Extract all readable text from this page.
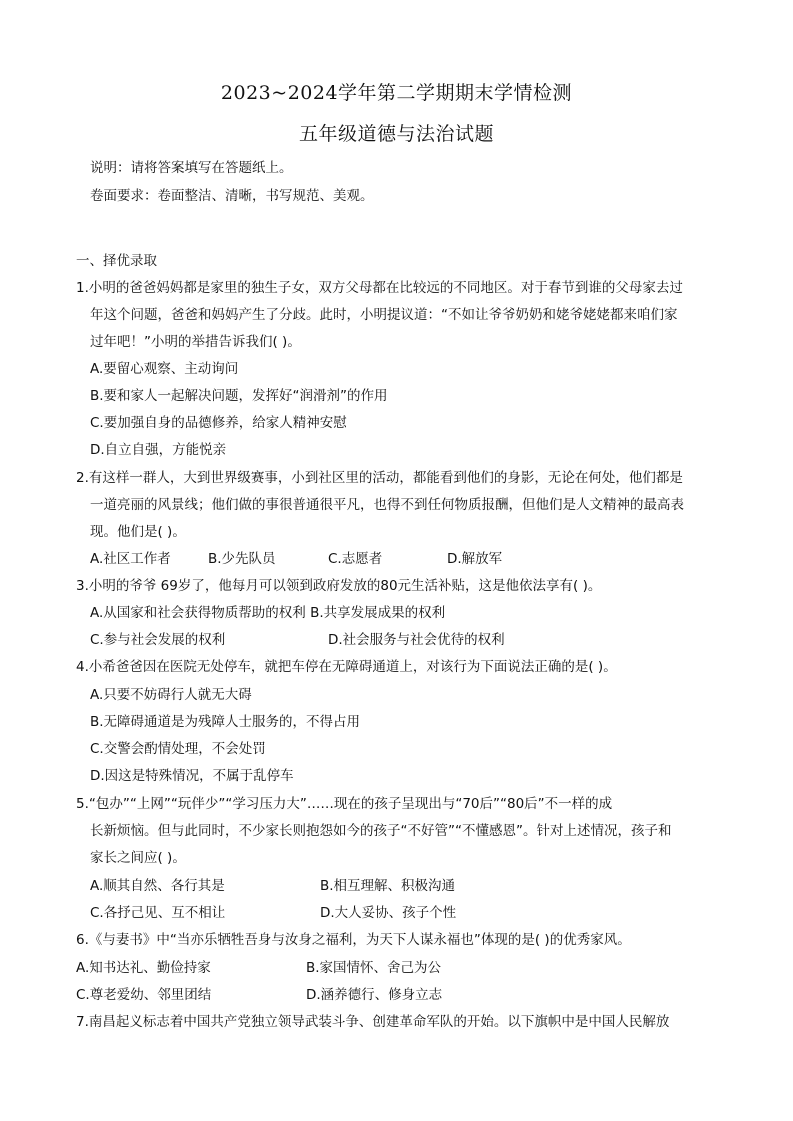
2023~2024学年第二学期期末学情检测
五年级道德与法治试题
说明：请将答案填写在答题纸上。
卷面要求：卷面整洁、清晰，书写规范、美观。
一、择优录取
1.小明的爸爸妈妈都是家里的独生子女，双方父母都在比较远的不同地区。对于春节到谁的父母家去过
年这个问题，爸爸和妈妈产生了分歧。此时，小明提议道：“不如让爷爷奶奶和姥爷姥姥都来咱们家
过年吧！”小明的举措告诉我们( )。
A.要留心观察、主动询问
B.要和家人一起解决问题，发挥好“润滑剂”的作用
C.要加强自身的品德修养，给家人精神安慰
D.自立自强，方能悦亲
2.有这样一群人，大到世界级赛事，小到社区里的活动，都能看到他们的身影，无论在何处，他们都是
一道亮丽的风景线；他们做的事很普通很平凡，也得不到任何物质报酬，但他们是人文精神的最高表
现。他们是( )。
A.社区工作者	B.少先队员	C.志愿者	D.解放军
3.小明的爷爷 69岁了，他每月可以领到政府发放的80元生活补贴，这是他依法享有( )。
A.从国家和社会获得物质帮助的权利 B.共享发展成果的权利
C.参与社会发展的权利	D.社会服务与社会优待的权利
4.小希爸爸因在医院无处停车，就把车停在无障碍通道上，对该行为下面说法正确的是( )。
A.只要不妨碍行人就无大碍
B.无障碍通道是为残障人士服务的，不得占用
C.交警会酌情处理，不会处罚
D.因这是特殊情况，不属于乱停车
5.“包办”“上网”“玩伴少”“学习压力大”……现在的孩子呈现出与“70后”“80后”不一样的成
长新烦恼。但与此同时，不少家长则抱怨如今的孩子“不好管”“不懂感恩”。针对上述情况，孩子和
家长之间应( )。
A.顺其自然、各行其是	B.相互理解、积极沟通
C.各抒己见、互不相让	D.大人妥协、孩子个性
6.《与妻书》中“当亦乐牺牲吾身与汝身之福利，为天下人谋永福也”体现的是( )的优秀家风。
A.知书达礼、勤俭持家	B.家国情怀、舍己为公
C.尊老爱幼、邻里团结	D.涵养德行、修身立志
7.南昌起义标志着中国共产党独立领导武装斗争、创建革命军队的开始。以下旗帜中是中国人民解放
